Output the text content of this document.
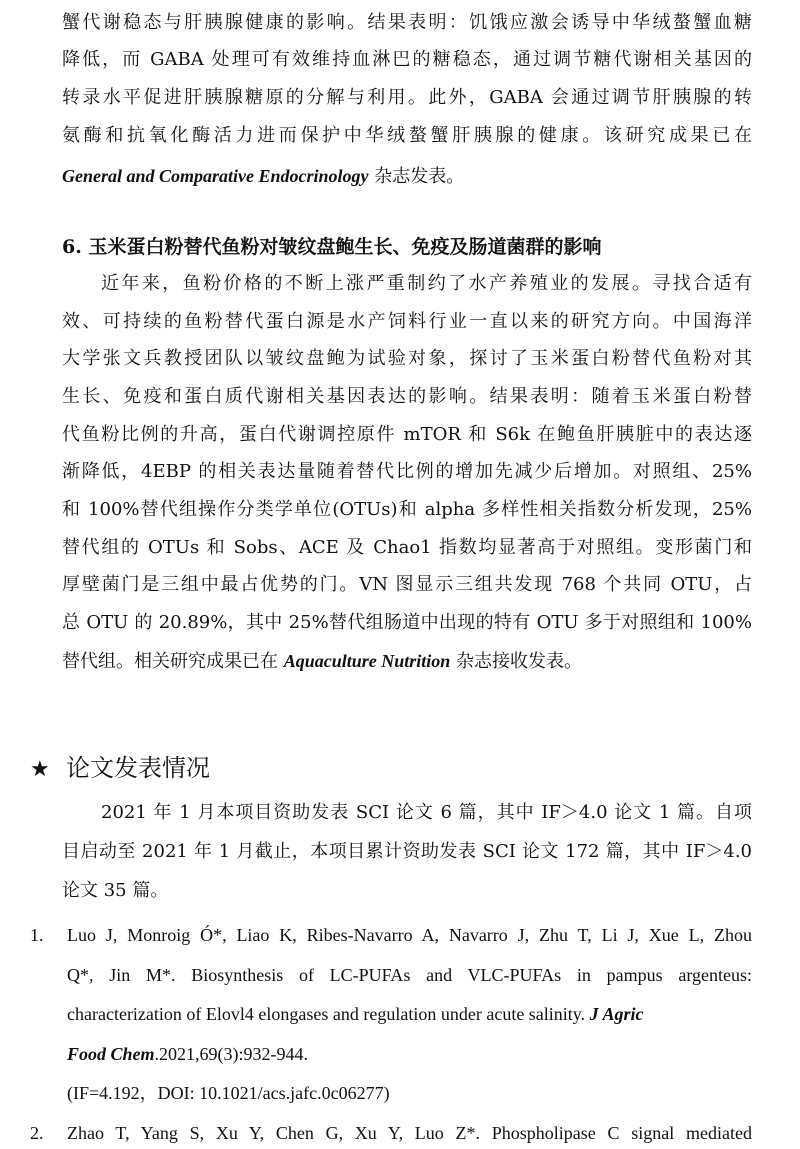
蟹代谢稳态与肝胰腺健康的影响。结果表明：饥饿应激会诱导中华绒螯蟹血糖
降低，而 GABA 处理可有效维持血淋巴的糖稳态，通过调节糖代谢相关基因的
转录水平促进肝胰腺糖原的分解与利用。此外，GABA 会通过调节肝胰腺的转
氨酶和抗氧化酶活力进而保护中华绒螯蟹肝胰腺的健康。该研究成果已在
General and Comparative Endocrinology 杂志发表。
6. 玉米蛋白粉替代鱼粉对皱纹盘鲍生长、免疫及肠道菌群的影响
近年来，鱼粉价格的不断上涨严重制约了水产养殖业的发展。寻找合适有
效、可持续的鱼粉替代蛋白源是水产饲料行业一直以来的研究方向。中国海洋
大学张文兵教授团队以皱纹盘鲍为试验对象，探讨了玉米蛋白粉替代鱼粉对其
生长、免疫和蛋白质代谢相关基因表达的影响。结果表明：随着玉米蛋白粉替
代鱼粉比例的升高，蛋白代谢调控原件 mTOR 和 S6k 在鲍鱼肝胰脏中的表达逐
渐降低，4EBP 的相关表达量随着替代比例的增加先减少后增加。对照组、25%
和 100%替代组操作分类学单位(OTUs)和 alpha 多样性相关指数分析发现，25%
替代组的 OTUs 和 Sobs、ACE 及 Chao1 指数均显著高于对照组。变形菌门和
厚壁菌门是三组中最占优势的门。VN 图显示三组共发现 768 个共同 OTU，占
总 OTU 的 20.89%，其中 25%替代组肠道中出现的特有 OTU 多于对照组和 100%
替代组。相关研究成果已在 Aquaculture Nutrition 杂志接收发表。
★ 论文发表情况
2021 年 1 月本项目资助发表 SCI 论文 6 篇，其中 IF＞4.0 论文 1 篇。自项
目启动至 2021 年 1 月截止，本项目累计资助发表 SCI 论文 172 篇，其中 IF＞4.0
论文 35 篇。
1. Luo J, Monroig Ó*, Liao K, Ribes-Navarro A, Navarro J, Zhu T, Li J, Xue L, Zhou
Q*, Jin M*. Biosynthesis of LC-PUFAs and VLC-PUFAs in pampus argenteus:
characterization of Elovl4 elongases and regulation under acute salinity. J Agric
Food Chem.2021,69(3):932-944.
(IF=4.192，DOI: 10.1021/acs.jafc.0c06277)
2. Zhao T, Yang S, Xu Y, Chen G, Xu Y, Luo Z*. Phospholipase C signal mediated
